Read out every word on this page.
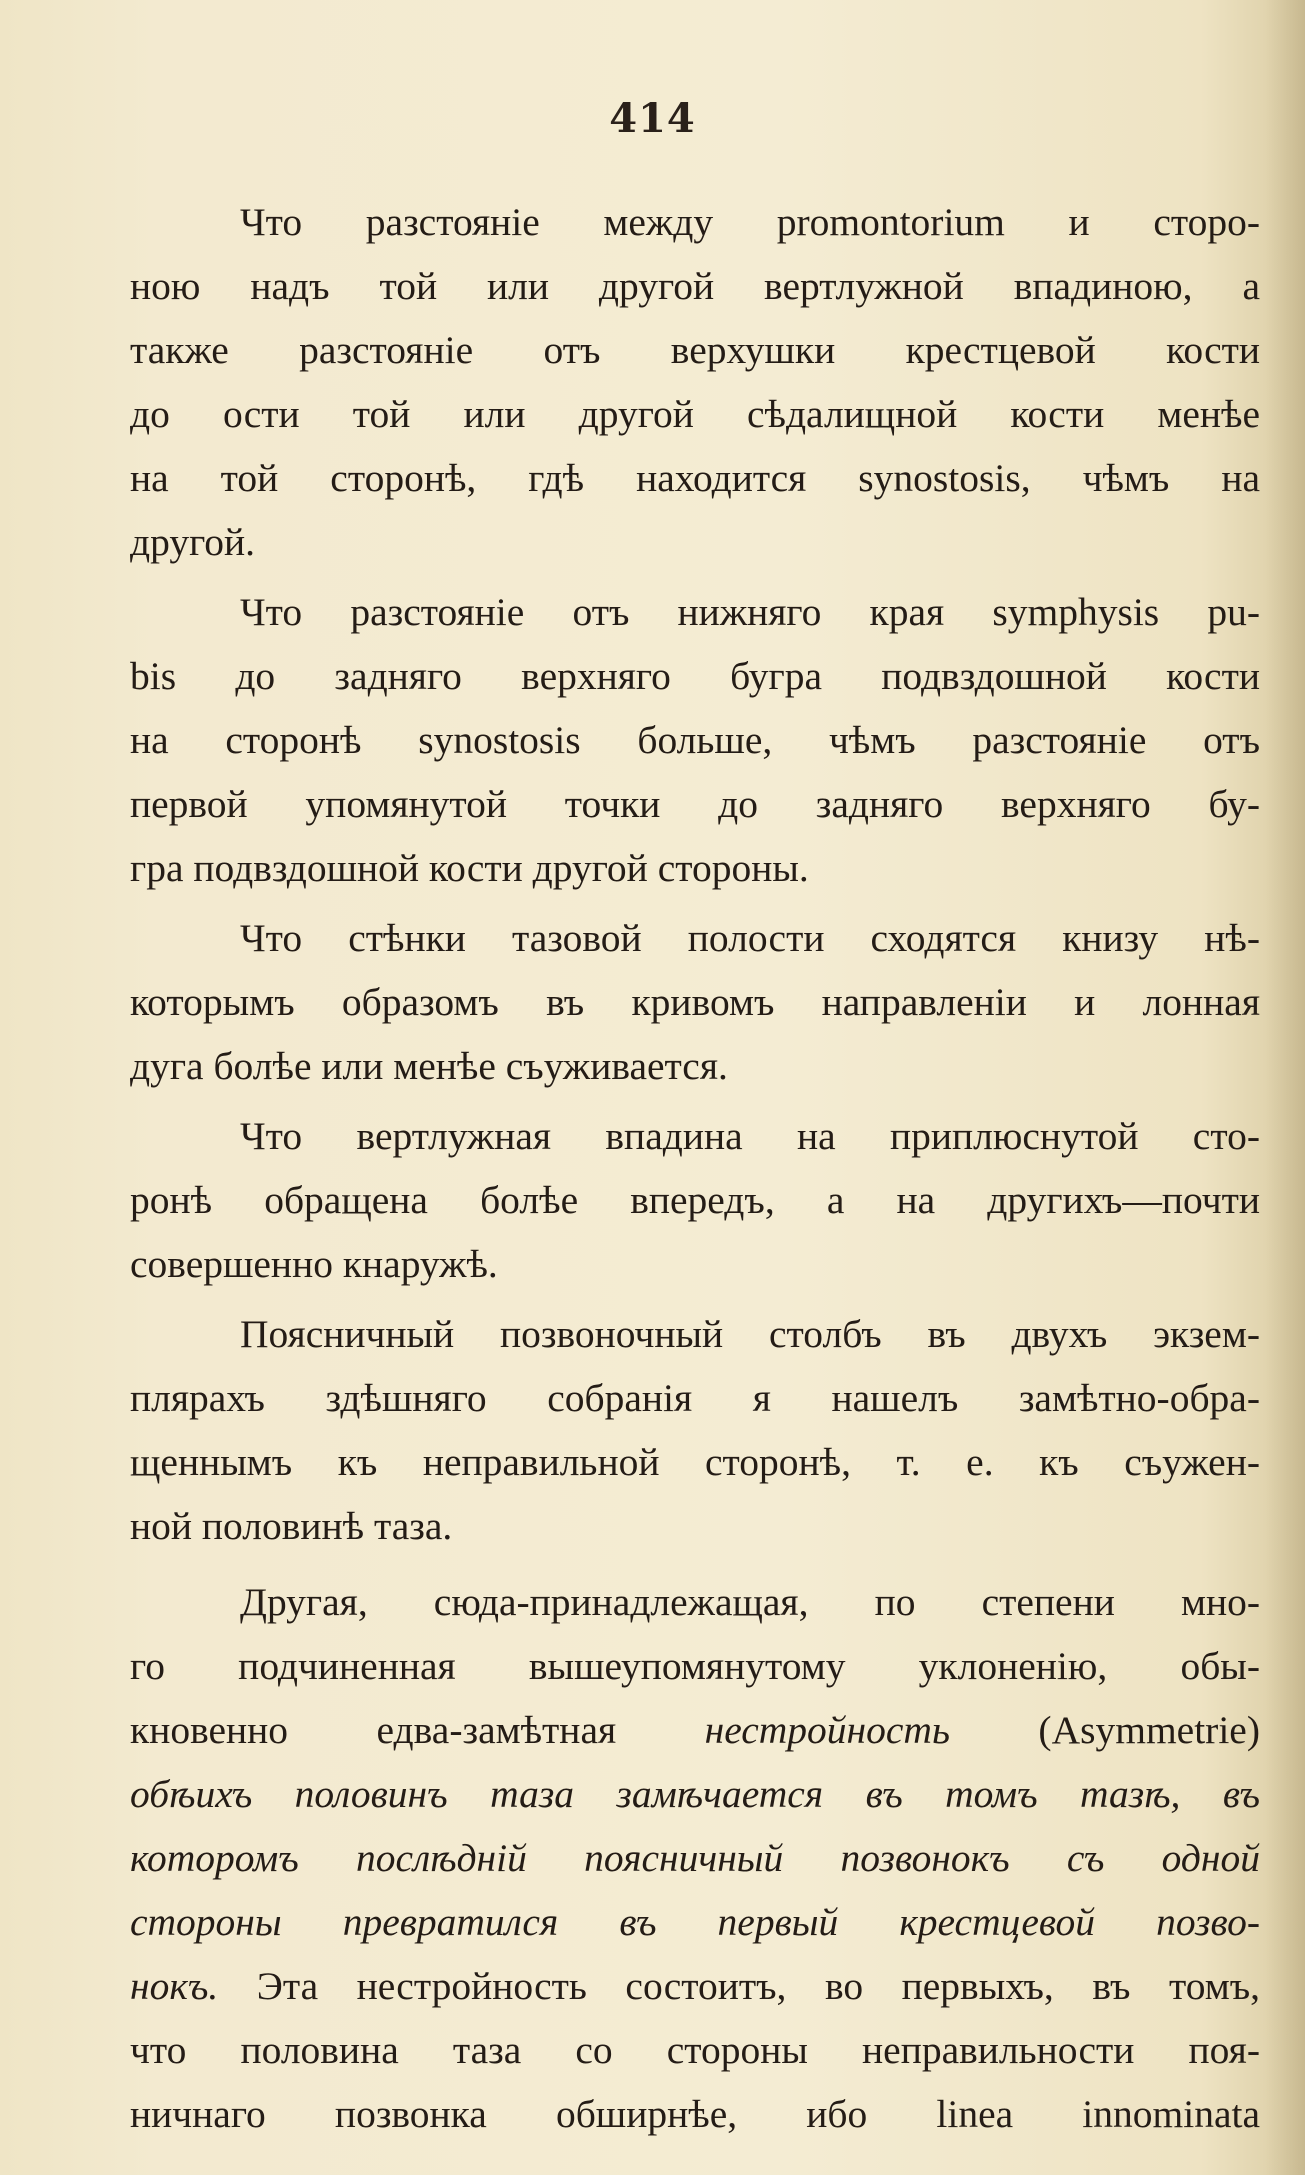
414
Что разстоянiе между promontorium и сторо-
ною надъ той или другой вертлужной впадиною, а
также разстоянiе отъ верхушки крестцевой кости
до ости той или другой сѣдалищной кости менѣе
на той сторонѣ, гдѣ находится synostosis, чѣмъ на
другой.
Что разстоянiе отъ нижняго края symphysis pu-
bis до задняго верхняго бугра подвздошной кости
на сторонѣ synostosis больше, чѣмъ разстоянiе отъ
первой упомянутой точки до задняго верхняго бу-
гра подвздошной кости другой стороны.
Что стѣнки тазовой полости сходятся книзу нѣ-
которымъ образомъ въ кривомъ направленiи и лонная
дуга болѣе или менѣе съуживается.
Что вертлужная впадина на приплюснутой сто-
ронѣ обращена болѣе впередъ, а на другихъ—почти
совершенно кнаружѣ.
Поясничный позвоночный столбъ въ двухъ экзем-
плярахъ здѣшняго собранiя я нашелъ замѣтно-обра-
щеннымъ къ неправильной сторонѣ, т. е. къ съужен-
ной половинѣ таза.
Другая, сюда-принадлежащая, по степени мно-
го подчиненная вышеупомянутому уклоненiю, обы-
кновенно едва-замѣтная нестройность (Asymmetrie)
обѣихъ половинъ таза замѣчается въ томъ тазѣ, въ
которомъ послѣднiй поясничный позвонокъ съ одной
стороны превратился въ первый крестцевой позво-
нокъ. Эта нестройность состоитъ, во первыхъ, въ томъ,
что половина таза со стороны неправильности поя-
ничнаго позвонка обширнѣе, ибо linea innominata
